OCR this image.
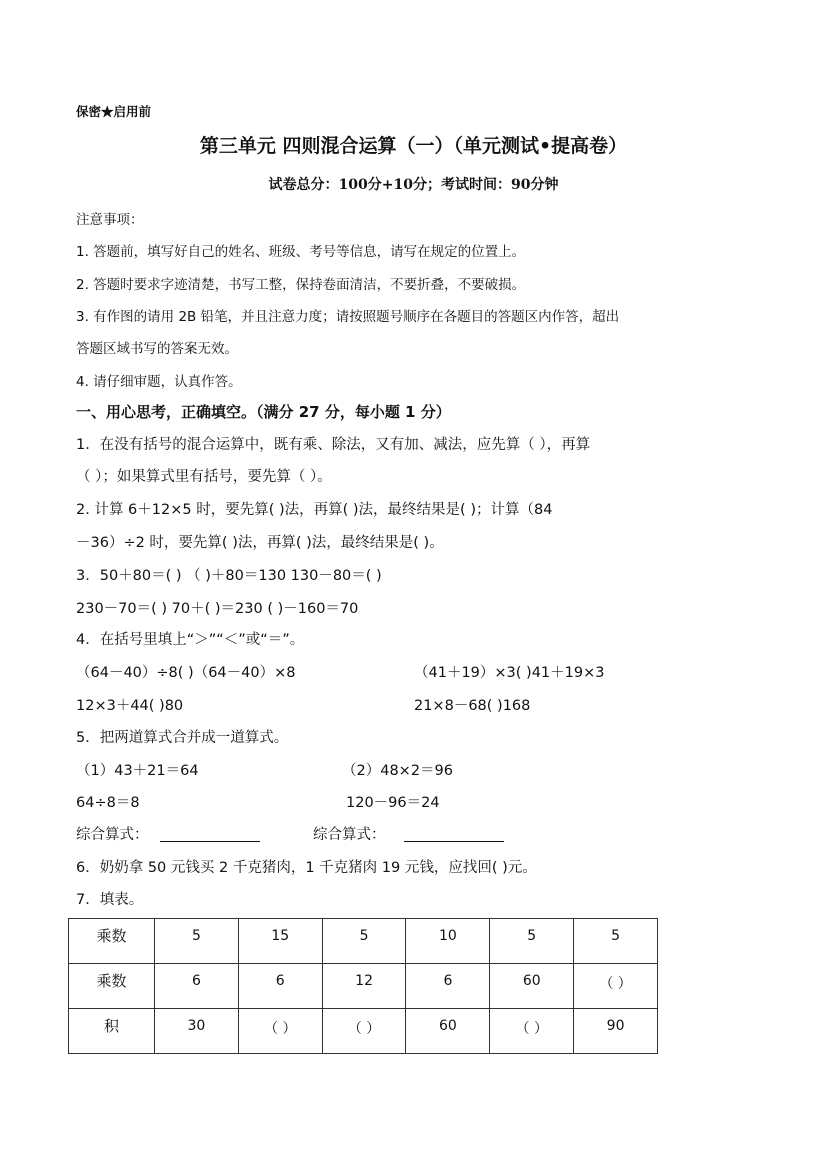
保密★启用前
第三单元 四则混合运算（一）（单元测试•提高卷）
试卷总分：100分+10分；考试时间：90分钟
注意事项：
1. 答题前，填写好自己的姓名、班级、考号等信息，请写在规定的位置上。
2. 答题时要求字迹清楚，书写工整，保持卷面清洁，不要折叠，不要破损。
3. 有作图的请用 2B 铅笔，并且注意力度；请按照题号顺序在各题目的答题区内作答，超出
答题区域书写的答案无效。
4. 请仔细审题，认真作答。
一、用心思考，正确填空。（满分 27 分，每小题 1 分）
1．在没有括号的混合运算中，既有乘、除法，又有加、减法，应先算（ ），再算
（ ）；如果算式里有括号，要先算（ ）。
2. 计算 6＋12×5 时，要先算( )法，再算( )法，最终结果是( )；计算（84
－36）÷2 时，要先算( )法，再算( )法，最终结果是( )。
3．50＋80＝( ) （ )＋80＝130 130－80＝( )
230－70＝( ) 70＋( )＝230 ( )－160＝70
4．在括号里填上“＞”“＜”或“＝”。
（64－40）÷8( )（64－40）×8	（41＋19）×3( )41＋19×3
12×3＋44( )80	21×8－68( )168
5．把两道算式合并成一道算式。
（1）43＋21＝64	（2）48×2＝96
64÷8＝8	120－96＝24
综合算式：	综合算式：
6．奶奶拿 50 元钱买 2 千克猪肉，1 千克猪肉 19 元钱，应找回( )元。
7．填表。
乘数	5	15	5	10	5	5
乘数	6	6	12	6	60	（ ）
积	30	（ ）	（ ）	60	（ ）	90
